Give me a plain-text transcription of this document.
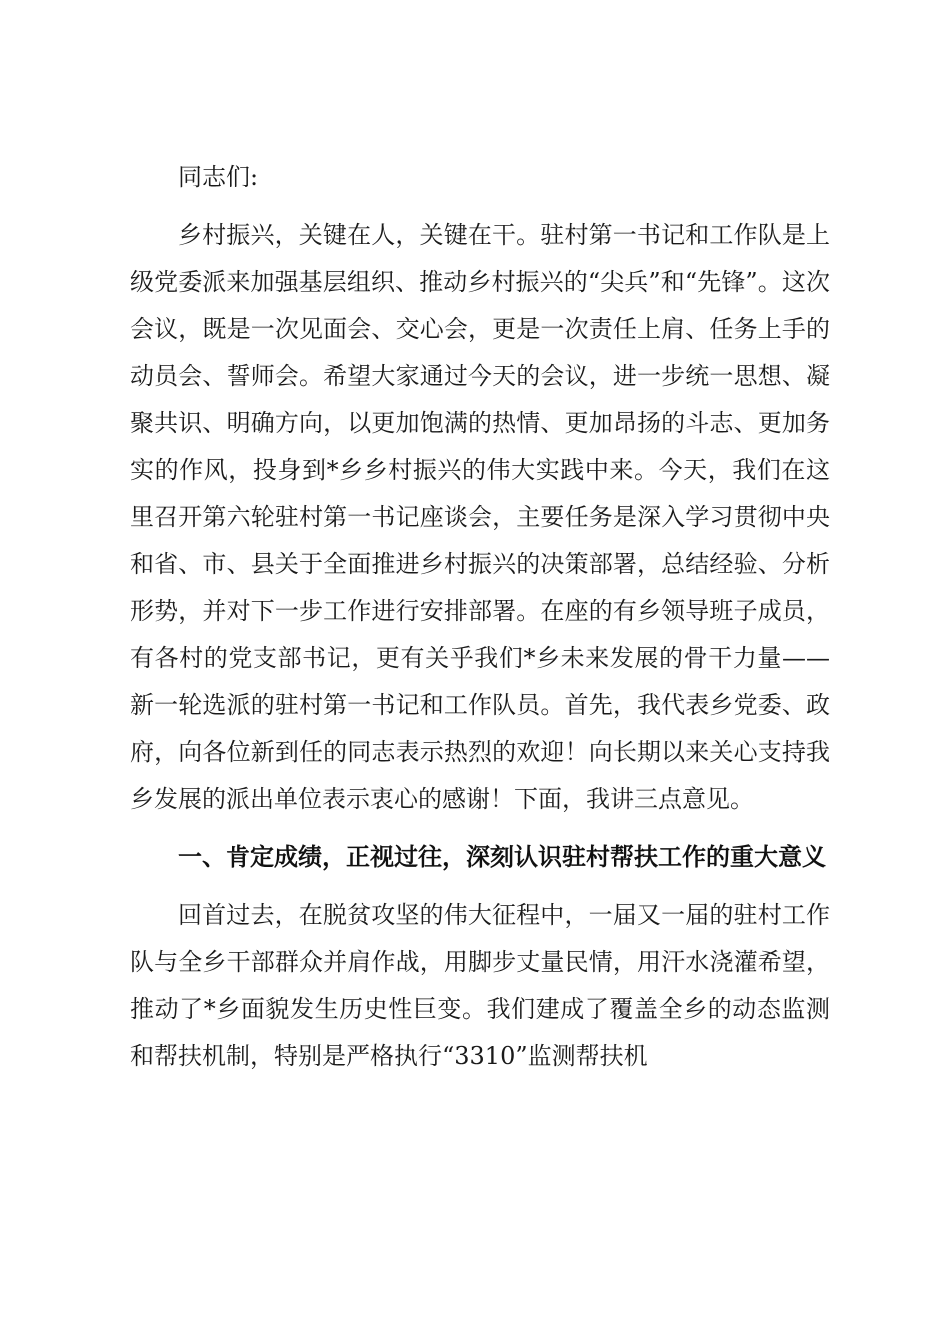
同志们:

乡村振兴，关键在人，关键在干。驻村第一书记和工作队是上级党委派来加强基层组织、推动乡村振兴的“尖兵”和“先锋”。这次会议，既是一次见面会、交心会，更是一次责任上肩、任务上手的动员会、誓师会。希望大家通过今天的会议，进一步统一思想、凝聚共识、明确方向，以更加饱满的热情、更加昂扬的斗志、更加务实的作风，投身到*乡乡村振兴的伟大实践中来。今天，我们在这里召开第六轮驻村第一书记座谈会，主要任务是深入学习贯彻中央和省、市、县关于全面推进乡村振兴的决策部署，总结经验、分析形势，并对下一步工作进行安排部署。在座的有乡领导班子成员，有各村的党支部书记，更有关乎我们*乡未来发展的骨干力量——新一轮选派的驻村第一书记和工作队员。首先，我代表乡党委、政府，向各位新到任的同志表示热烈的欢迎！向长期以来关心支持我乡发展的派出单位表示衷心的感谢！下面，我讲三点意见。

一、肯定成绩，正视过往，深刻认识驻村帮扶工作的重大意义

回首过去，在脱贫攻坚的伟大征程中，一届又一届的驻村工作队与全乡干部群众并肩作战，用脚步丈量民情，用汗水浇灌希望，推动了*乡面貌发生历史性巨变。我们建成了覆盖全乡的动态监测和帮扶机制，特别是严格执行“3310”监测帮扶机
